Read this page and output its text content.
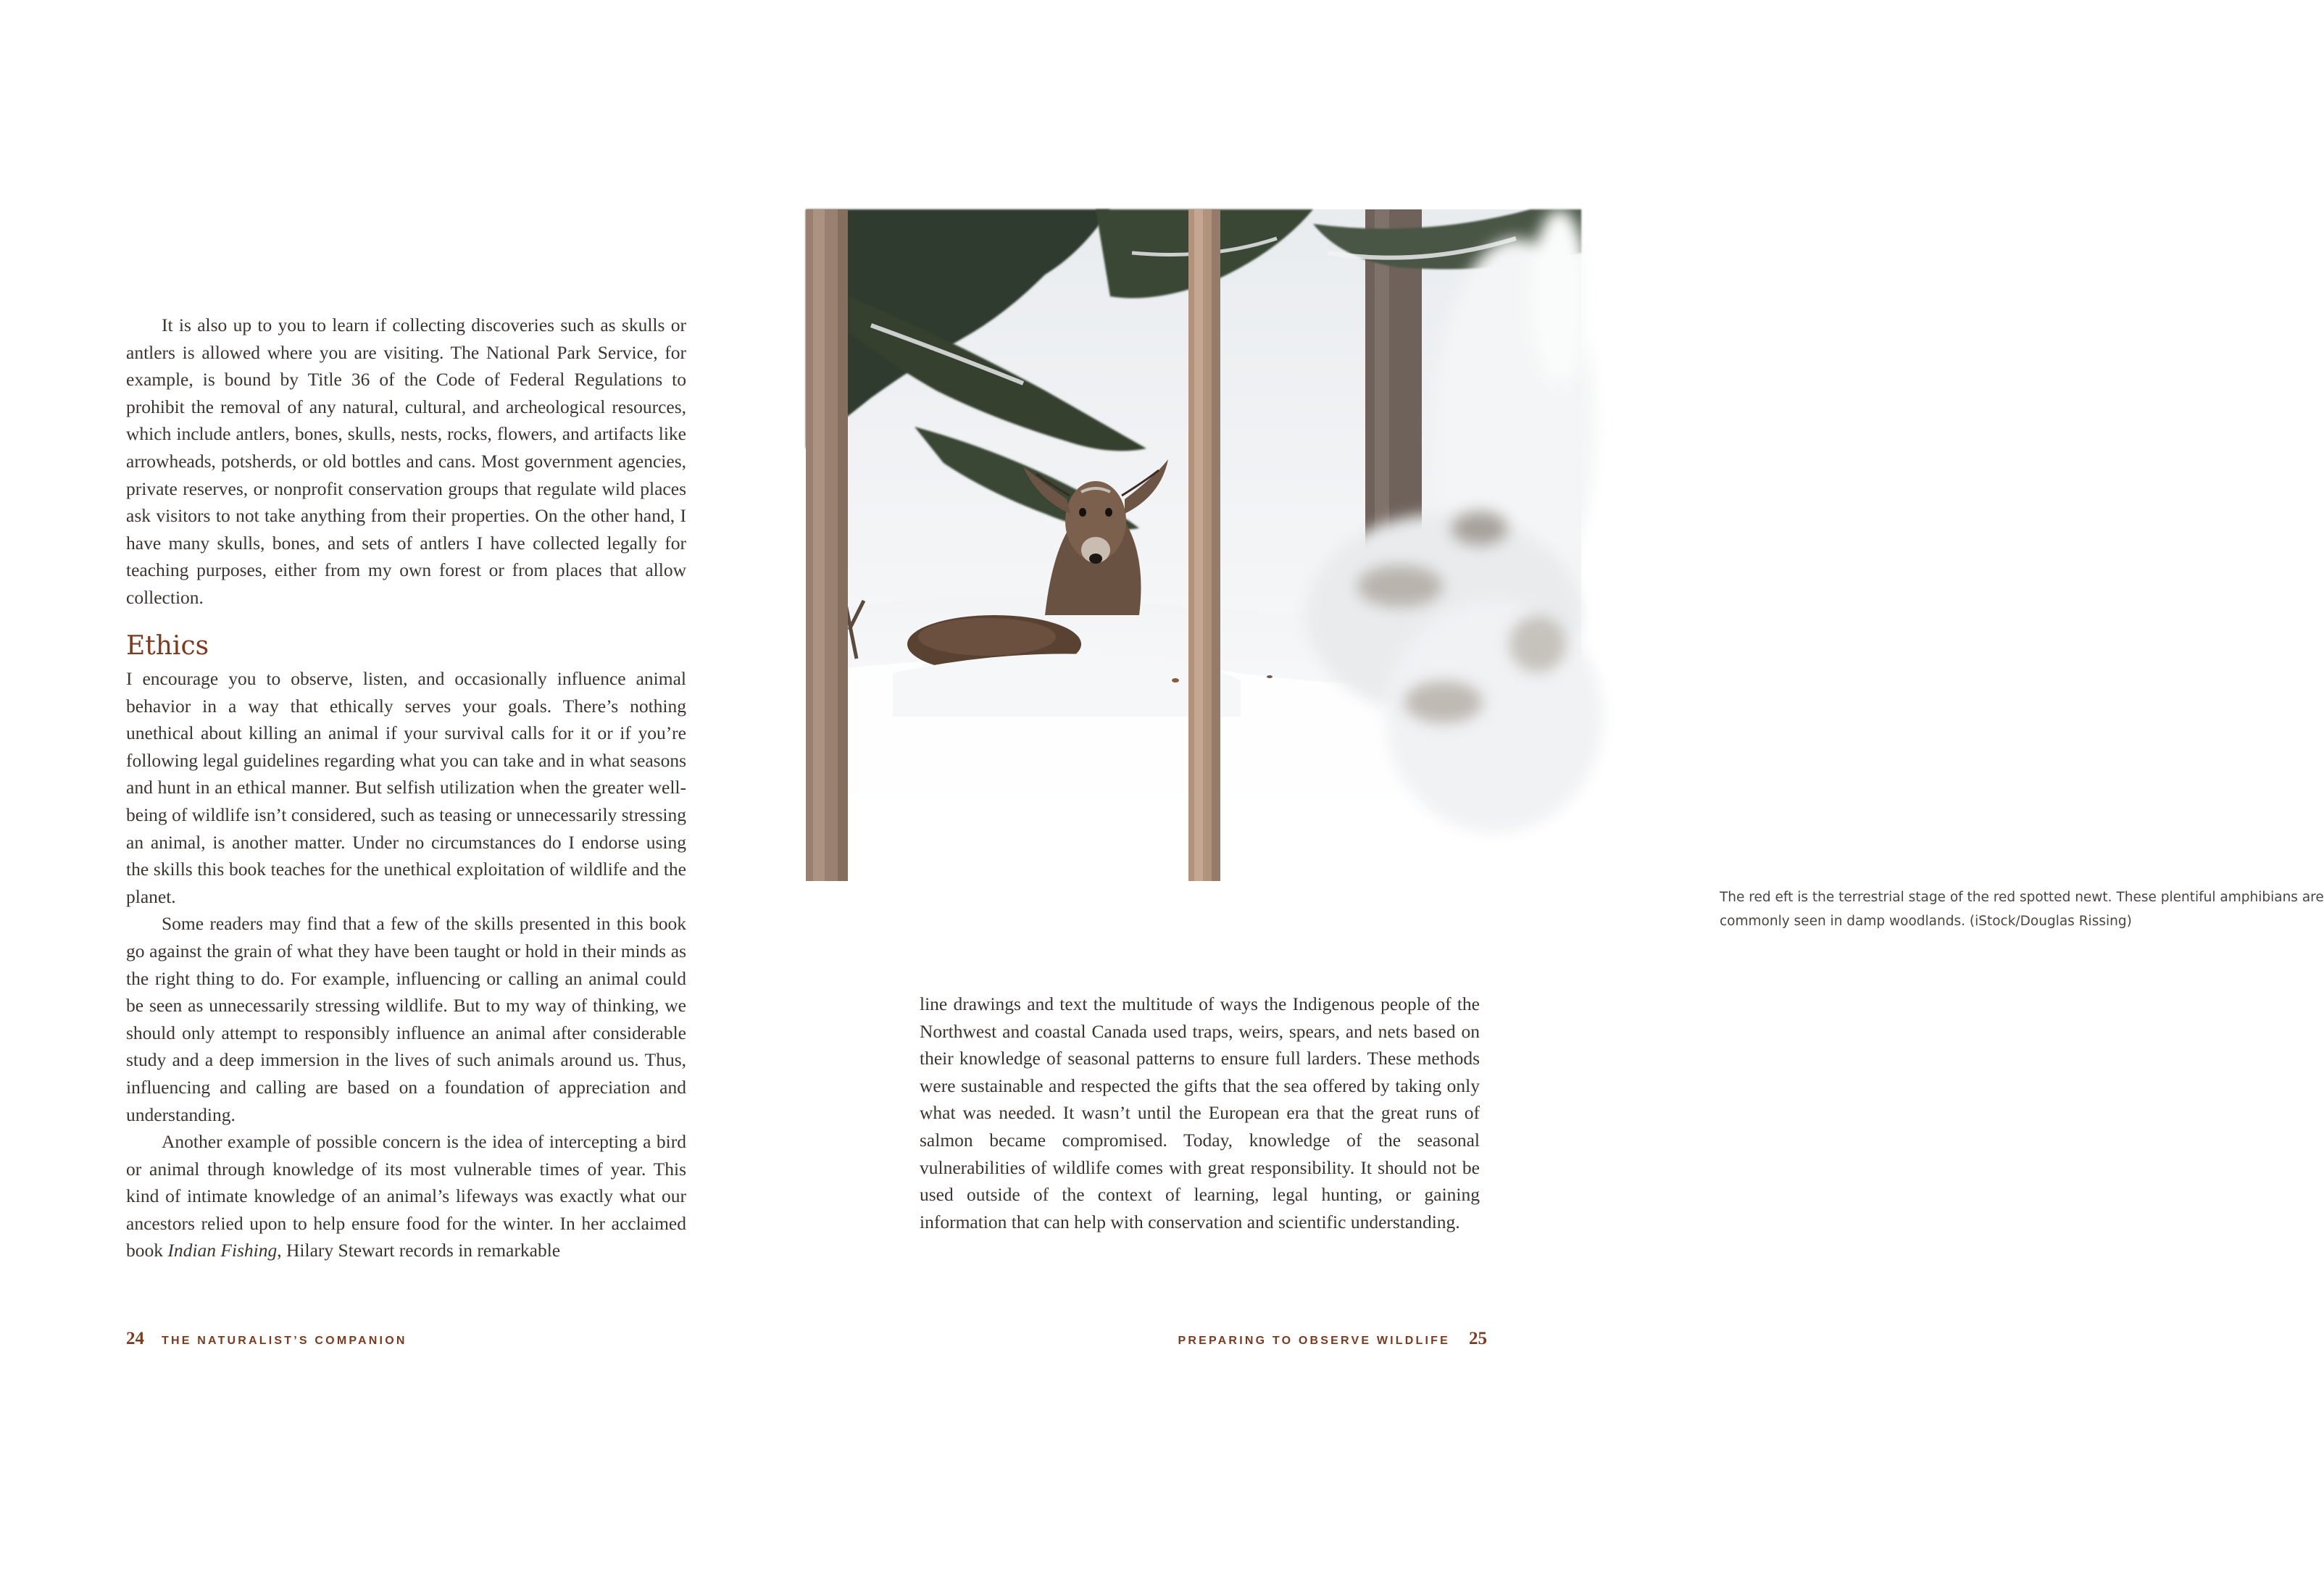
It is also up to you to learn if collecting discoveries such as skulls or antlers is allowed where you are visiting. The National Park Service, for example, is bound by Title 36 of the Code of Federal Regulations to prohibit the removal of any natural, cultural, and archeological resources, which include antlers, bones, skulls, nests, rocks, flowers, and artifacts like arrowheads, potsherds, or old bottles and cans. Most government agencies, private reserves, or nonprofit conservation groups that regulate wild places ask visitors to not take anything from their properties. On the other hand, I have many skulls, bones, and sets of antlers I have collected legally for teaching purposes, either from my own forest or from places that allow collection.

Ethics

I encourage you to observe, listen, and occasionally influence animal behavior in a way that ethically serves your goals. There’s nothing unethical about killing an animal if your survival calls for it or if you’re following legal guidelines regarding what you can take and in what seasons and hunt in an ethical manner. But selfish utilization when the greater well-being of wildlife isn’t considered, such as teasing or unnecessarily stressing an animal, is another matter. Under no circumstances do I endorse using the skills this book teaches for the unethical exploitation of wildlife and the planet.

Some readers may find that a few of the skills presented in this book go against the grain of what they have been taught or hold in their minds as the right thing to do. For example, influencing or calling an animal could be seen as unnecessarily stressing wildlife. But to my way of thinking, we should only attempt to responsibly influence an animal after considerable study and a deep immersion in the lives of such animals around us. Thus, influencing and calling are based on a foundation of appreciation and understanding.

Another example of possible concern is the idea of intercepting a bird or animal through knowledge of its most vulnerable times of year. This kind of intimate knowledge of an animal’s lifeways was exactly what our ancestors relied upon to help ensure food for the winter. In her acclaimed book Indian Fishing, Hilary Stewart records in remarkable

24 THE NATURALIST’S COMPANION
The red eft is the terrestrial stage of the red spotted newt. These plentiful amphibians are
commonly seen in damp woodlands. (iStock/Douglas Rissing)

line drawings and text the multitude of ways the Indigenous people of the Northwest and coastal Canada used traps, weirs, spears, and nets based on their knowledge of seasonal patterns to ensure full larders. These methods were sustainable and respected the gifts that the sea offered by taking only what was needed. It wasn’t until the European era that the great runs of salmon became compromised. Today, knowledge of the seasonal vulnerabilities of wildlife comes with great responsibility. It should not be used outside of the context of learning, legal hunting, or gaining information that can help with conservation and scientific understanding.

PREPARING TO OBSERVE WILDLIFE 25
